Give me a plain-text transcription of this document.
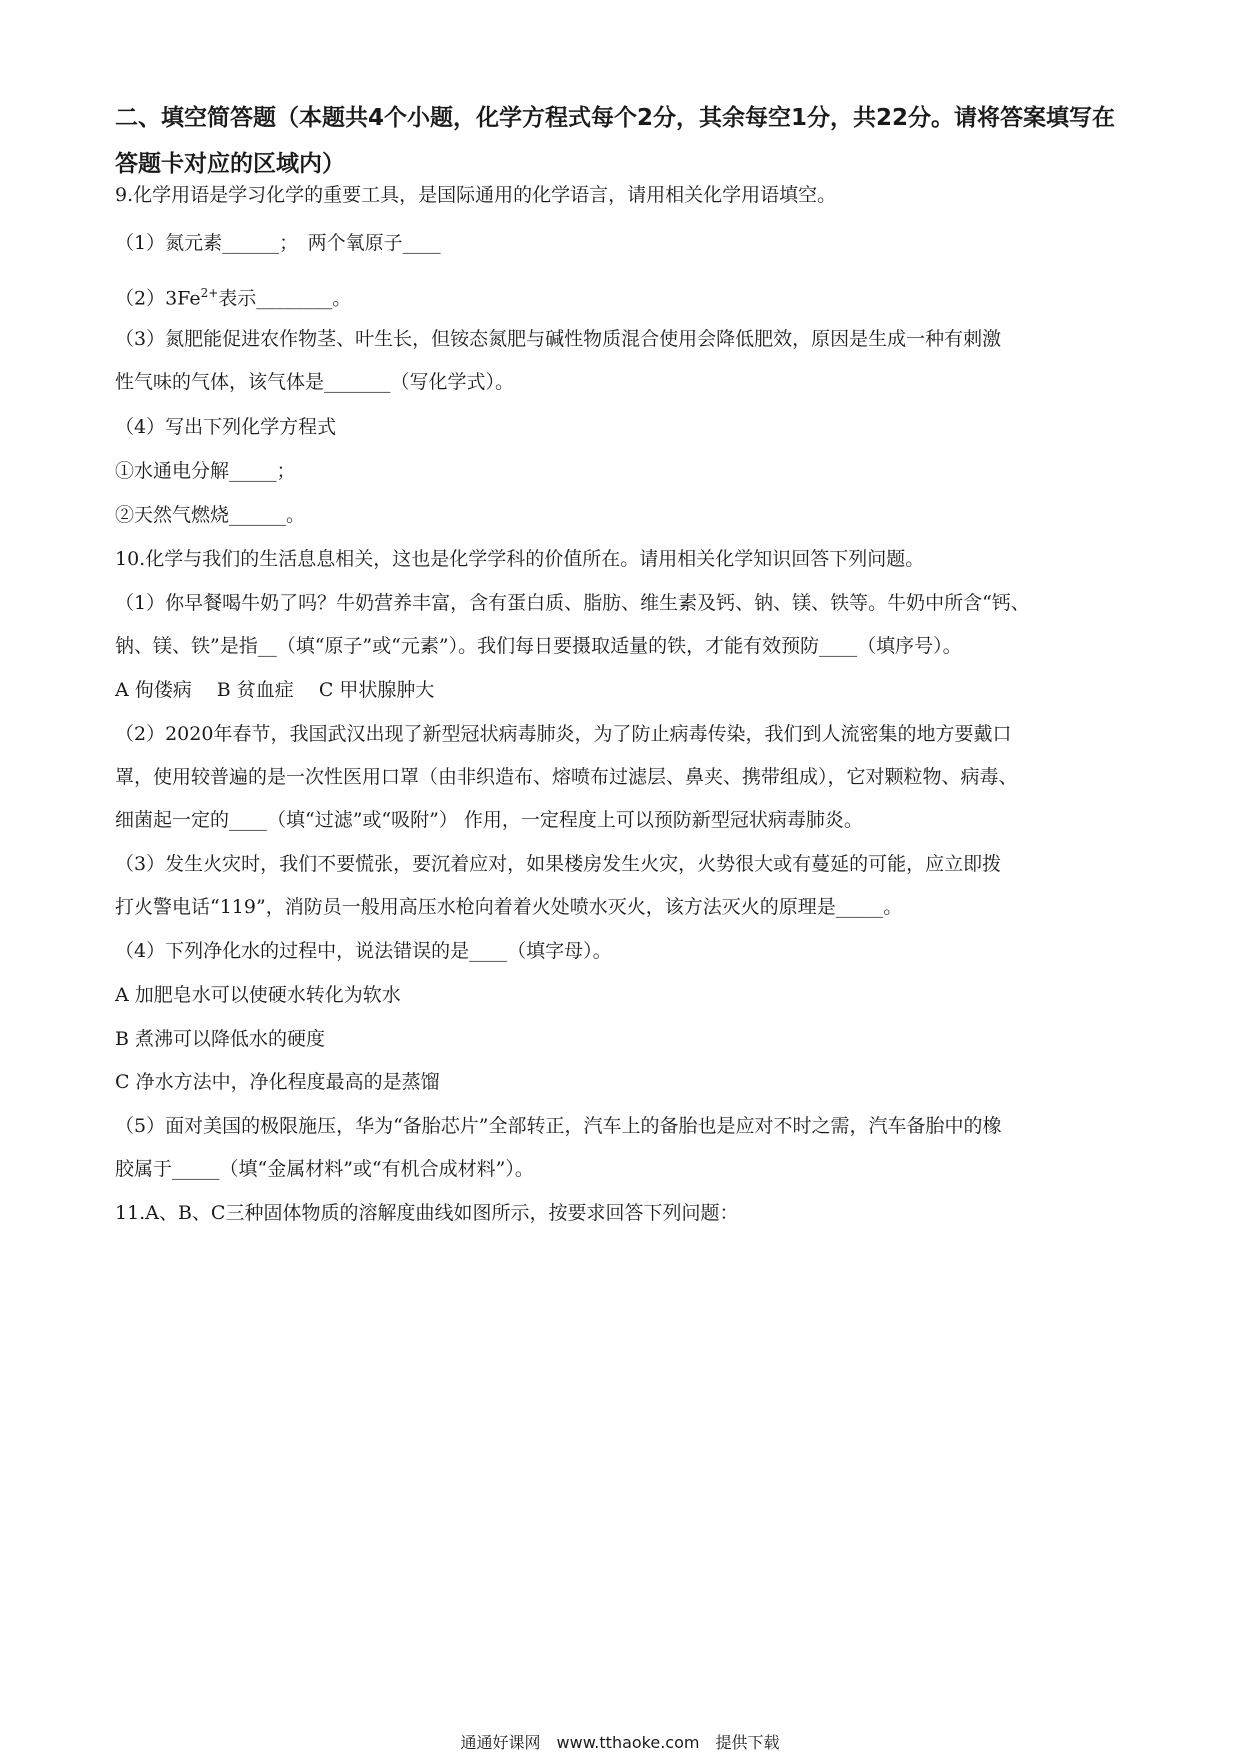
二、填空简答题（本题共4个小题，化学方程式每个2分，其余每空1分，共22分。请将答案填写在答题卡对应的区域内）
9.化学用语是学习化学的重要工具，是国际通用的化学语言，请用相关化学用语填空。
（1）氮元素______；　两个氧原子____
$(2)3Fe^{2+}$表示________。
（3）氮肥能促进农作物茎、叶生长，但铵态氮肥与碱性物质混合使用会降低肥效，原因是生成一种有刺激
性气味的气体，该气体是_______（写化学式）。
（4）写出下列化学方程式
①水通电分解_____；
②天然气燃烧______。
10.化学与我们的生活息息相关，这也是化学学科的价值所在。请用相关化学知识回答下列问题。
（1）你早餐喝牛奶了吗？牛奶营养丰富，含有蛋白质、脂肪、维生素及钙、钠、镁、铁等。牛奶中所含“钙、
钠、镁、铁”是指__（填“原子”或“元素”）。我们每日要摄取适量的铁，才能有效预防____（填序号）。
A 佝偻病　 B 贫血症　 C 甲状腺肿大
（2）2020年春节，我国武汉出现了新型冠状病毒肺炎，为了防止病毒传染，我们到人流密集的地方要戴口
罩，使用较普遍的是一次性医用口罩（由非织造布、熔喷布过滤层、鼻夹、携带组成），它对颗粒物、病毒、
细菌起一定的____（填“过滤”或“吸附”） 作用，一定程度上可以预防新型冠状病毒肺炎。
（3）发生火灾时，我们不要慌张，要沉着应对，如果楼房发生火灾，火势很大或有蔓延的可能，应立即拨
打火警电话“119”，消防员一般用高压水枪向着着火处喷水灭火，该方法灭火的原理是_____。
（4）下列净化水的过程中，说法错误的是____（填字母）。
A 加肥皂水可以使硬水转化为软水
B 煮沸可以降低水的硬度
C 净水方法中，净化程度最高的是蒸馏
（5）面对美国的极限施压，华为“备胎芯片”全部转正，汽车上的备胎也是应对不时之需，汽车备胎中的橡
胶属于_____（填“金属材料”或“有机合成材料”）。
11.A、B、C三种固体物质的溶解度曲线如图所示，按要求回答下列问题：
通通好课网　www.tthaoke.com　提供下载
